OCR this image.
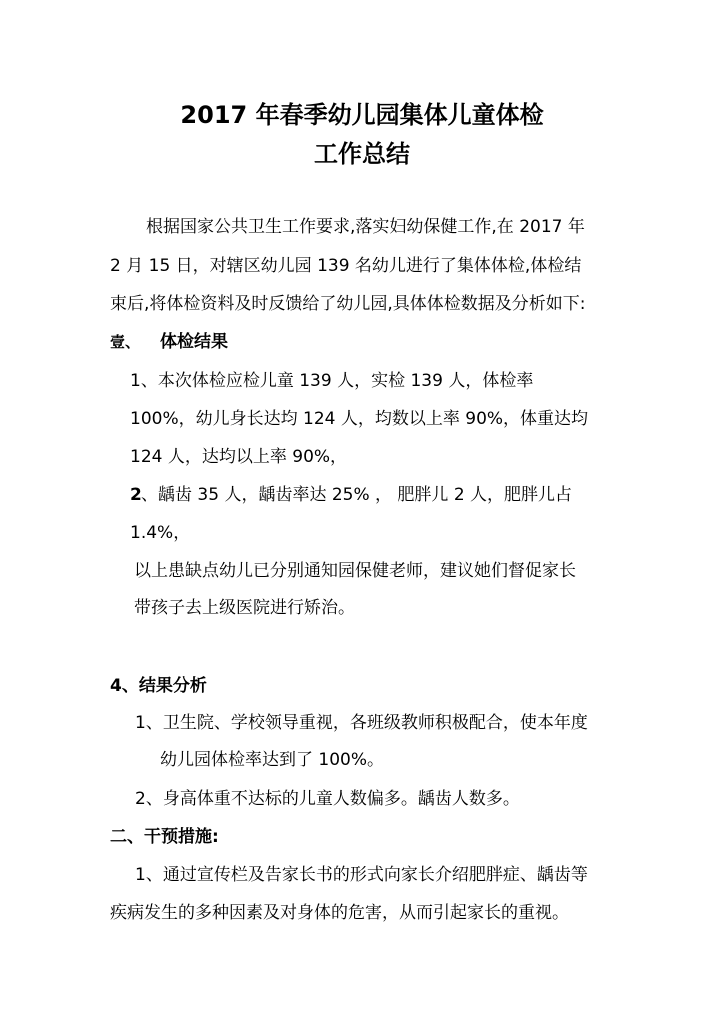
2017 年春季幼儿园集体儿童体检
工作总结
根据国家公共卫生工作要求,落实妇幼保健工作,在 2017 年
2 月 15 日，对辖区幼儿园 139 名幼儿进行了集体体检,体检结
束后,将体检资料及时反馈给了幼儿园,具体体检数据及分析如下:
壹、 体检结果
1、本次体检应检儿童 139 人，实检 139 人，体检率
100%，幼儿身长达均 124 人，均数以上率 90%，体重达均
124 人，达均以上率 90%，
2 、龋齿 35 人，龋齿率达 25% ， 肥胖儿 2 人，肥胖儿占
1.4%，
以上患缺点幼儿已分别通知园保健老师，建议她们督促家长
带孩子去上级医院进行矫治。
4、结果分析
1、卫生院、学校领导重视，各班级教师积极配合，使本年度
幼儿园体检率达到了 100%。
2、身高体重不达标的儿童人数偏多。龋齿人数多。
二、干预措施:
1、通过宣传栏及告家长书的形式向家长介绍肥胖症、龋齿等
疾病发生的多种因素及对身体的危害，从而引起家长的重视。
